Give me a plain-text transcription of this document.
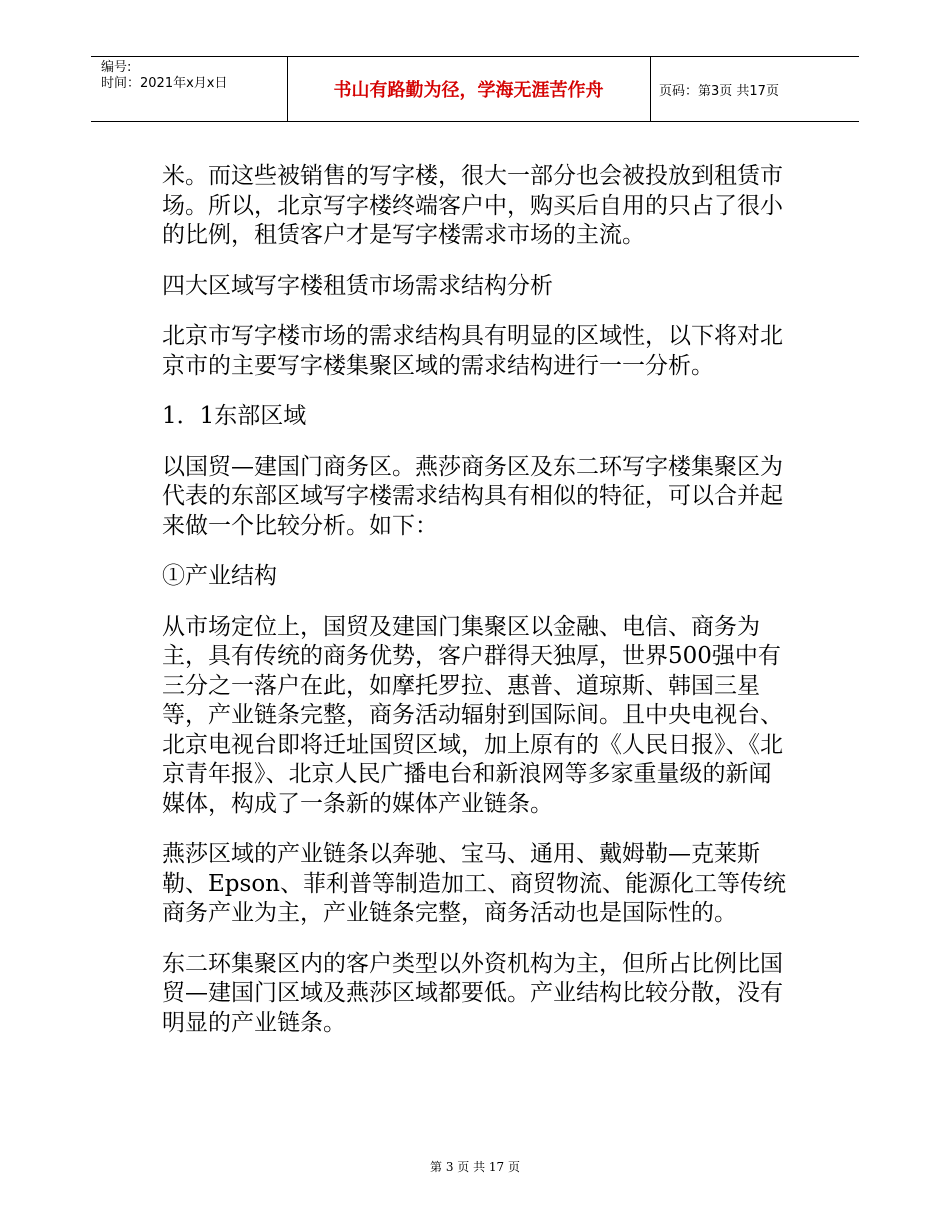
编号:
时间：2021年x月x日	书山有路勤为径，学海无涯苦作舟	页码：第3页 共17页

米。而这些被销售的写字楼，很大一部分也会被投放到租赁市场。所以，北京写字楼终端客户中，购买后自用的只占了很小的比例，租赁客户才是写字楼需求市场的主流。

四大区域写字楼租赁市场需求结构分析

北京市写字楼市场的需求结构具有明显的区域性，以下将对北京市的主要写字楼集聚区域的需求结构进行一一分析。

1．1东部区域

以国贸—建国门商务区。燕莎商务区及东二环写字楼集聚区为代表的东部区域写字楼需求结构具有相似的特征，可以合并起来做一个比较分析。如下：

①产业结构

从市场定位上，国贸及建国门集聚区以金融、电信、商务为主，具有传统的商务优势，客户群得天独厚，世界500强中有三分之一落户在此，如摩托罗拉、惠普、道琼斯、韩国三星等，产业链条完整，商务活动辐射到国际间。且中央电视台、北京电视台即将迁址国贸区域，加上原有的《人民日报》、《北京青年报》、北京人民广播电台和新浪网等多家重量级的新闻媒体，构成了一条新的媒体产业链条。

燕莎区域的产业链条以奔驰、宝马、通用、戴姆勒—克莱斯勒、Epson、菲利普等制造加工、商贸物流、能源化工等传统商务产业为主，产业链条完整，商务活动也是国际性的。

东二环集聚区内的客户类型以外资机构为主，但所占比例比国贸—建国门区域及燕莎区域都要低。产业结构比较分散，没有明显的产业链条。

第 3 页 共 17 页
